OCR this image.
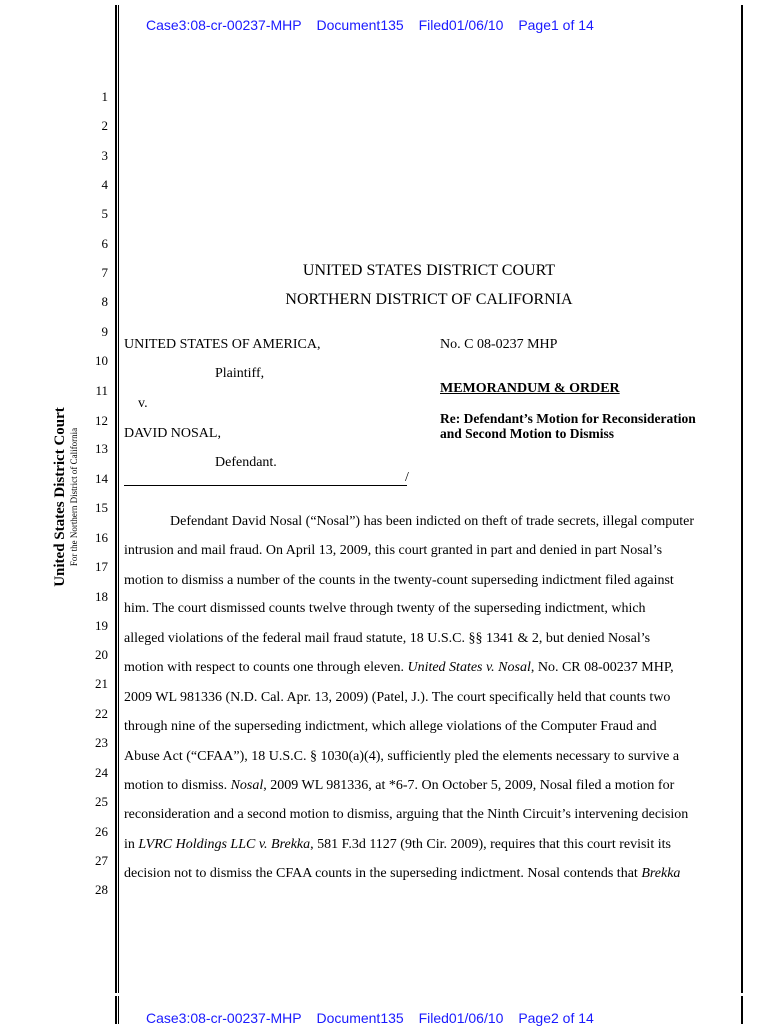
Case3:08-cr-00237-MHP Document135 Filed01/06/10 Page1 of 14
United States District Court For the Northern District of California
1
2
3
4
5
6
7
8
9
10
11
12
13
14
15
16
17
18
19
20
21
22
23
24
25
26
27
28
UNITED STATES DISTRICT COURT
NORTHERN DISTRICT OF CALIFORNIA
UNITED STATES OF AMERICA,
Plaintiff,
v.
DAVID NOSAL,
Defendant.
/
No. C 08-0237 MHP
MEMORANDUM & ORDER
Re: Defendant’s Motion for Reconsideration
and Second Motion to Dismiss
Defendant David Nosal (“Nosal”) has been indicted on theft of trade secrets, illegal computer
intrusion and mail fraud. On April 13, 2009, this court granted in part and denied in part Nosal’s
motion to dismiss a number of the counts in the twenty-count superseding indictment filed against
him. The court dismissed counts twelve through twenty of the superseding indictment, which
alleged violations of the federal mail fraud statute, 18 U.S.C. §§ 1341 & 2, but denied Nosal’s
motion with respect to counts one through eleven. United States v. Nosal, No. CR 08-00237 MHP,
2009 WL 981336 (N.D. Cal. Apr. 13, 2009) (Patel, J.). The court specifically held that counts two
through nine of the superseding indictment, which allege violations of the Computer Fraud and
Abuse Act (“CFAA”), 18 U.S.C. § 1030(a)(4), sufficiently pled the elements necessary to survive a
motion to dismiss. Nosal, 2009 WL 981336, at *6-7. On October 5, 2009, Nosal filed a motion for
reconsideration and a second motion to dismiss, arguing that the Ninth Circuit’s intervening decision
in LVRC Holdings LLC v. Brekka, 581 F.3d 1127 (9th Cir. 2009), requires that this court revisit its
decision not to dismiss the CFAA counts in the superseding indictment. Nosal contends that Brekka
Case3:08-cr-00237-MHP Document135 Filed01/06/10 Page2 of 14
